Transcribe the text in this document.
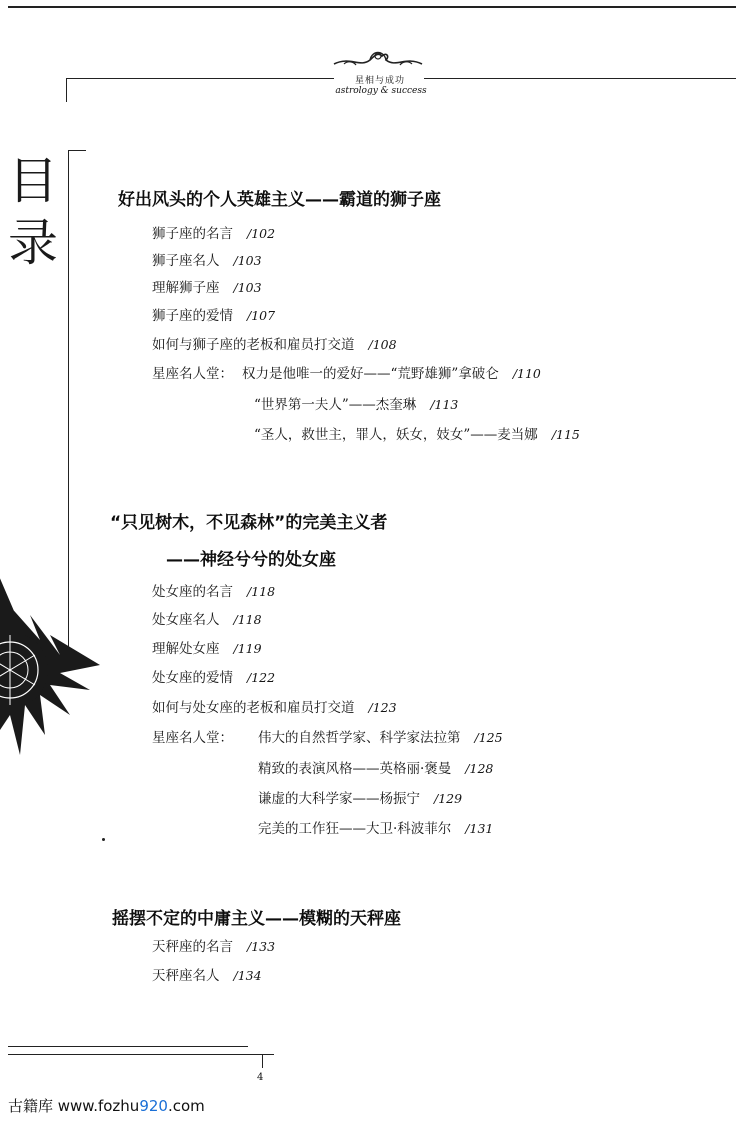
星相与成功
astrology & success
目
录
好出风头的个人英雄主义——霸道的狮子座
狮子座的名言 /102
狮子座名人 /103
理解狮子座 /103
狮子座的爱情 /107
如何与狮子座的老板和雇员打交道 /108
星座名人堂： 权力是他唯一的爱好——“荒野雄狮”拿破仑 /110
“世界第一夫人”——杰奎琳 /113
“圣人，救世主，罪人，妖女，妓女”——麦当娜 /115
“只见树木，不见森林”的完美主义者
——神经兮兮的处女座
处女座的名言 /118
处女座名人 /118
理解处女座 /119
处女座的爱情 /122
如何与处女座的老板和雇员打交道 /123
星座名人堂： 伟大的自然哲学家、科学家法拉第 /125
精致的表演风格——英格丽·褒曼 /128
谦虚的大科学家——杨振宁 /129
完美的工作狂——大卫·科波菲尔 /131
摇摆不定的中庸主义——模糊的天秤座
天秤座的名言 /133
天秤座名人 /134
4
古籍库 www.fozhu920.com
